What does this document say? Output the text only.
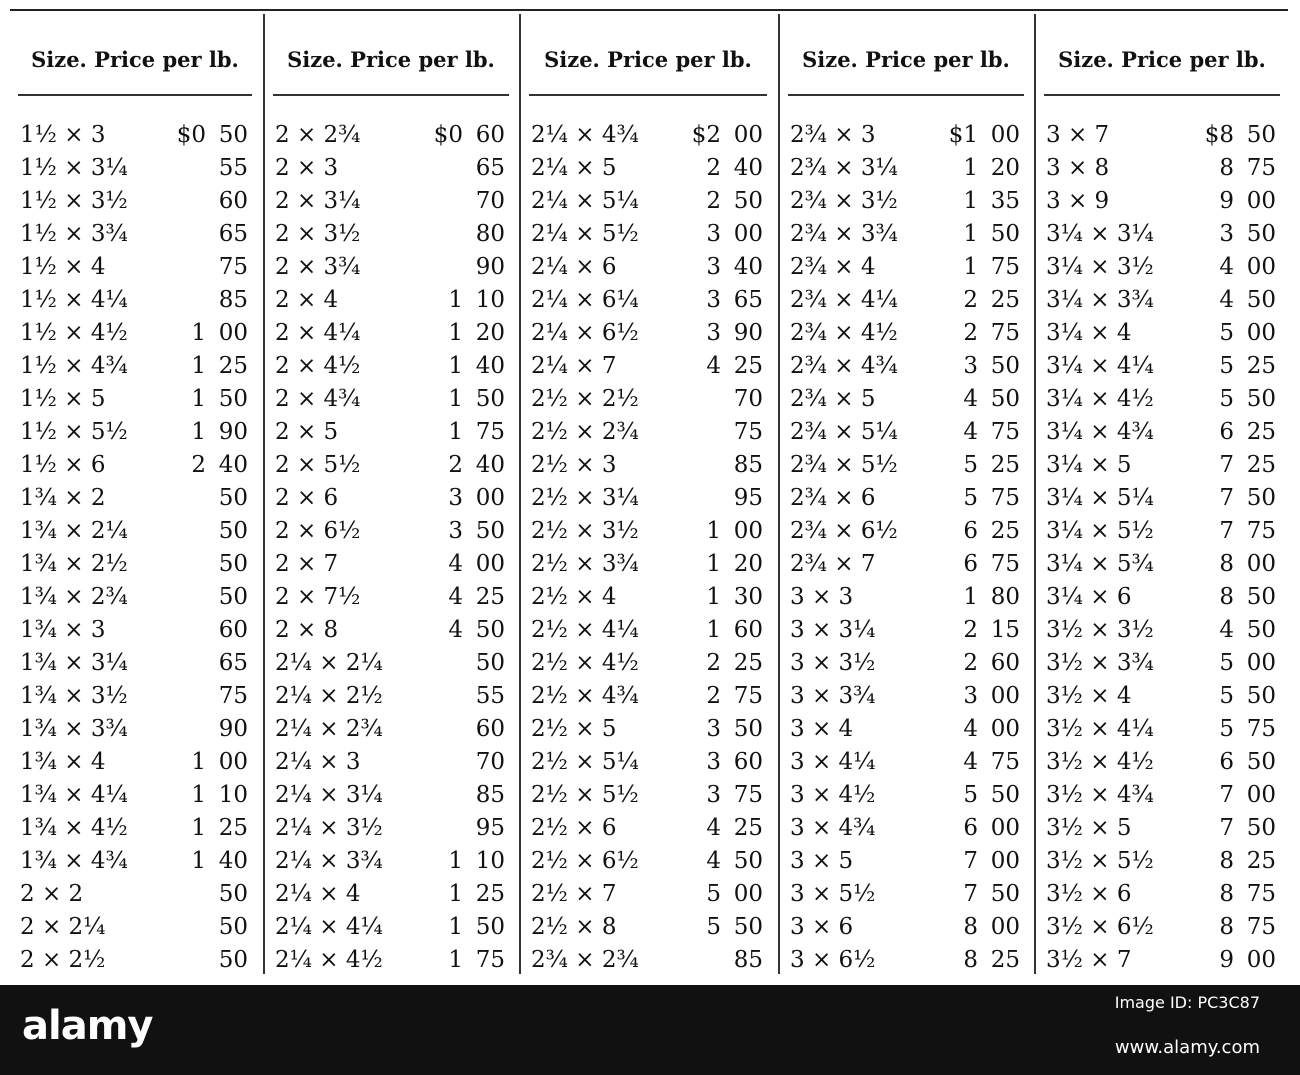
Size. Price per lb.
1½ × 3	$0 50
1½ × 3¼	55
1½ × 3½	60
1½ × 3¾	65
1½ × 4	75
1½ × 4¼	85
1½ × 4½	1 00
1½ × 4¾	1 25
1½ × 5	1 50
1½ × 5½	1 90
1½ × 6	2 40
1¾ × 2	50
1¾ × 2¼	50
1¾ × 2½	50
1¾ × 2¾	50
1¾ × 3	60
1¾ × 3¼	65
1¾ × 3½	75
1¾ × 3¾	90
1¾ × 4	1 00
1¾ × 4¼	1 10
1¾ × 4½	1 25
1¾ × 4¾	1 40
2 × 2	50
2 × 2¼	50
2 × 2½	50
Size. Price per lb.
2 × 2¾	$0 60
2 × 3	65
2 × 3¼	70
2 × 3½	80
2 × 3¾	90
2 × 4	1 10
2 × 4¼	1 20
2 × 4½	1 40
2 × 4¾	1 50
2 × 5	1 75
2 × 5½	2 40
2 × 6	3 00
2 × 6½	3 50
2 × 7	4 00
2 × 7½	4 25
2 × 8	4 50
2¼ × 2¼	50
2¼ × 2½	55
2¼ × 2¾	60
2¼ × 3	70
2¼ × 3¼	85
2¼ × 3½	95
2¼ × 3¾	1 10
2¼ × 4	1 25
2¼ × 4¼	1 50
2¼ × 4½	1 75
Size. Price per lb.
2¼ × 4¾ $2 00
2¼ × 5	2 40
2¼ × 5¼	2 50
2¼ × 5½	3 00
2¼ × 6	3 40
2¼ × 6¼	3 65
2¼ × 6½	3 90
2¼ × 7	4 25
2½ × 2½	70
2½ × 2¾	75
2½ × 3	85
2½ × 3¼	95
2½ × 3½	1 00
2½ × 3¾	1 20
2½ × 4	1 30
2½ × 4¼	1 60
2½ × 4½	2 25
2½ × 4¾	2 75
2½ × 5	3 50
2½ × 5¼	3 60
2½ × 5½	3 75
2½ × 6	4 25
2½ × 6½	4 50
2½ × 7	5 00
2½ × 8	5 50
2¾ × 2¾	85
Size. Price per lb.
2¾ × 3	$1 00
2¾ × 3¼	1 20
2¾ × 3½	1 35
2¾ × 3¾	1 50
2¾ × 4	1 75
2¾ × 4¼	2 25
2¾ × 4½	2 75
2¾ × 4¾	3 50
2¾ × 5	4 50
2¾ × 5¼	4 75
2¾ × 5½	5 25
2¾ × 6	5 75
2¾ × 6½	6 25
2¾ × 7	6 75
3 × 3	1 80
3 × 3¼	2 15
3 × 3½	2 60
3 × 3¾	3 00
3 × 4	4 00
3 × 4¼	4 75
3 × 4½	5 50
3 × 4¾	6 00
3 × 5	7 00
3 × 5½	7 50
3 × 6	8 00
3 × 6½	8 25
Size. Price per lb.
3 × 7	$8 50
3 × 8	8 75
3 × 9	9 00
3¼ × 3¼	3 50
3¼ × 3½	4 00
3¼ × 3¾	4 50
3¼ × 4	5 00
3¼ × 4¼	5 25
3¼ × 4½	5 50
3¼ × 4¾	6 25
3¼ × 5	7 25
3¼ × 5¼	7 50
3¼ × 5½	7 75
3¼ × 5¾	8 00
3¼ × 6	8 50
3½ × 3½	4 50
3½ × 3¾	5 00
3½ × 4	5 50
3½ × 4¼	5 75
3½ × 4½	6 50
3½ × 4¾	7 00
3½ × 5	7 50
3½ × 5½	8 25
3½ × 6	8 75
3½ × 6½	8 75
3½ × 7	9 00
alamy
Image ID: PC3C87
www.alamy.com
